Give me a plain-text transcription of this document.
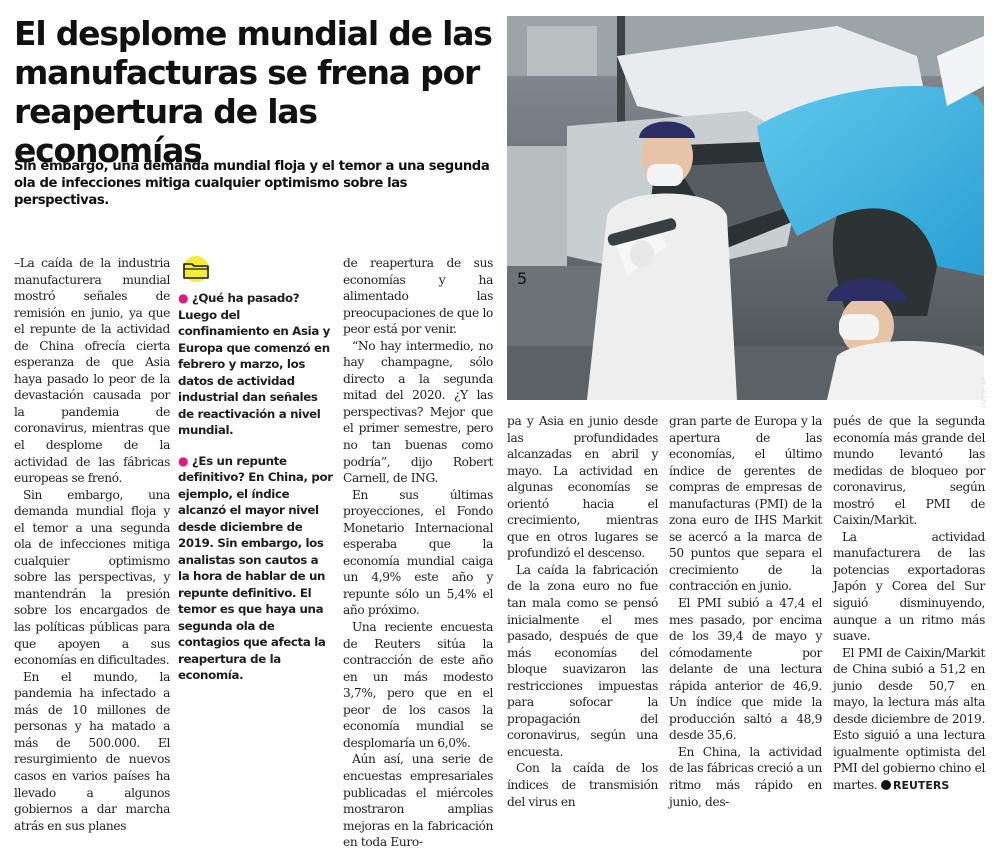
El desplome mundial de las manufacturas se frena por reapertura de las economías
Sin embargo, una demanda mundial floja y el temor a una segunda ola de infecciones mitiga cualquier optimismo sobre las perspectivas.
5
FOTO: AP

–La caída de la industria manufacturera mundial mostró señales de remisión en junio, ya que el repunte de la actividad de China ofrecía cierta esperanza de que Asia haya pasado lo peor de la devastación causada por la pandemia de coronavirus, mientras que el desplome de la actividad de las fábricas europeas se frenó.

Sin embargo, una demanda mundial floja y el temor a una segunda ola de infecciones mitiga cualquier optimismo sobre las perspectivas, y mantendrán la presión sobre los encargados de las políticas públicas para que apoyen a sus economías en dificultades.

En el mundo, la pandemia ha infectado a más de 10 millones de personas y ha matado a más de 500.000. El resurgimiento de nuevos casos en varios países ha llevado a algunos gobiernos a dar marcha atrás en sus planes

● ¿Qué ha pasado? Luego del confinamiento en Asia y Europa que comenzó en febrero y marzo, los datos de actividad industrial dan señales de reactivación a nivel mundial.

● ¿Es un repunte definitivo? En China, por ejemplo, el índice alcanzó el mayor nivel desde diciembre de 2019. Sin embargo, los analistas son cautos a la hora de hablar de un repunte definitivo. El temor es que haya una segunda ola de contagios que afecta la reapertura de la economía.

de reapertura de sus economías y ha alimentado las preocupaciones de que lo peor está por venir.

“No hay intermedio, no hay champagne, sólo directo a la segunda mitad del 2020. ¿Y las perspectivas? Mejor que el primer semestre, pero no tan buenas como podría”, dijo Robert Carnell, de ING.

En sus últimas proyecciones, el Fondo Monetario Internacional esperaba que la economía mundial caiga un 4,9% este año y repunte sólo un 5,4% el año próximo.

Una reciente encuesta de Reuters sitúa la contracción de este año en un más modesto 3,7%, pero que en el peor de los casos la economía mundial se desplomaría un 6,0%.

Aún así, una serie de encuestas empresariales publicadas el miércoles mostraron amplias mejoras en la fabricación en toda Euro-

pa y Asia en junio desde las profundidades alcanzadas en abril y mayo. La actividad en algunas economías se orientó hacia el crecimiento, mientras que en otros lugares se profundizó el descenso.

La caída la fabricación de la zona euro no fue tan mala como se pensó inicialmente el mes pasado, después de que más economías del bloque suavizaron las restricciones impuestas para sofocar la propagación del coronavirus, según una encuesta.

Con la caída de los índices de transmisión del virus en

gran parte de Europa y la apertura de las economías, el último índice de gerentes de compras de empresas de manufacturas (PMI) de la zona euro de IHS Markit se acercó a la marca de 50 puntos que separa el crecimiento de la contracción en junio.

El PMI subió a 47,4 el mes pasado, por encima de los 39,4 de mayo y cómodamente por delante de una lectura rápida anterior de 46,9. Un índice que mide la producción saltó a 48,9 desde 35,6.

En China, la actividad de las fábricas creció a un ritmo más rápido en junio, des-

pués de que la segunda economía más grande del mundo levantó las medidas de bloqueo por coronavirus, según mostró el PMI de Caixin/Markit.

La actividad manufacturera de las potencias exportadoras Japón y Corea del Sur siguió disminuyendo, aunque a un ritmo más suave.

El PMI de Caixin/Markit de China subió a 51,2 en junio desde 50,7 en mayo, la lectura más alta desde diciembre de 2019. Esto siguió a una lectura igualmente optimista del PMI del gobierno chino el martes. REUTERS
